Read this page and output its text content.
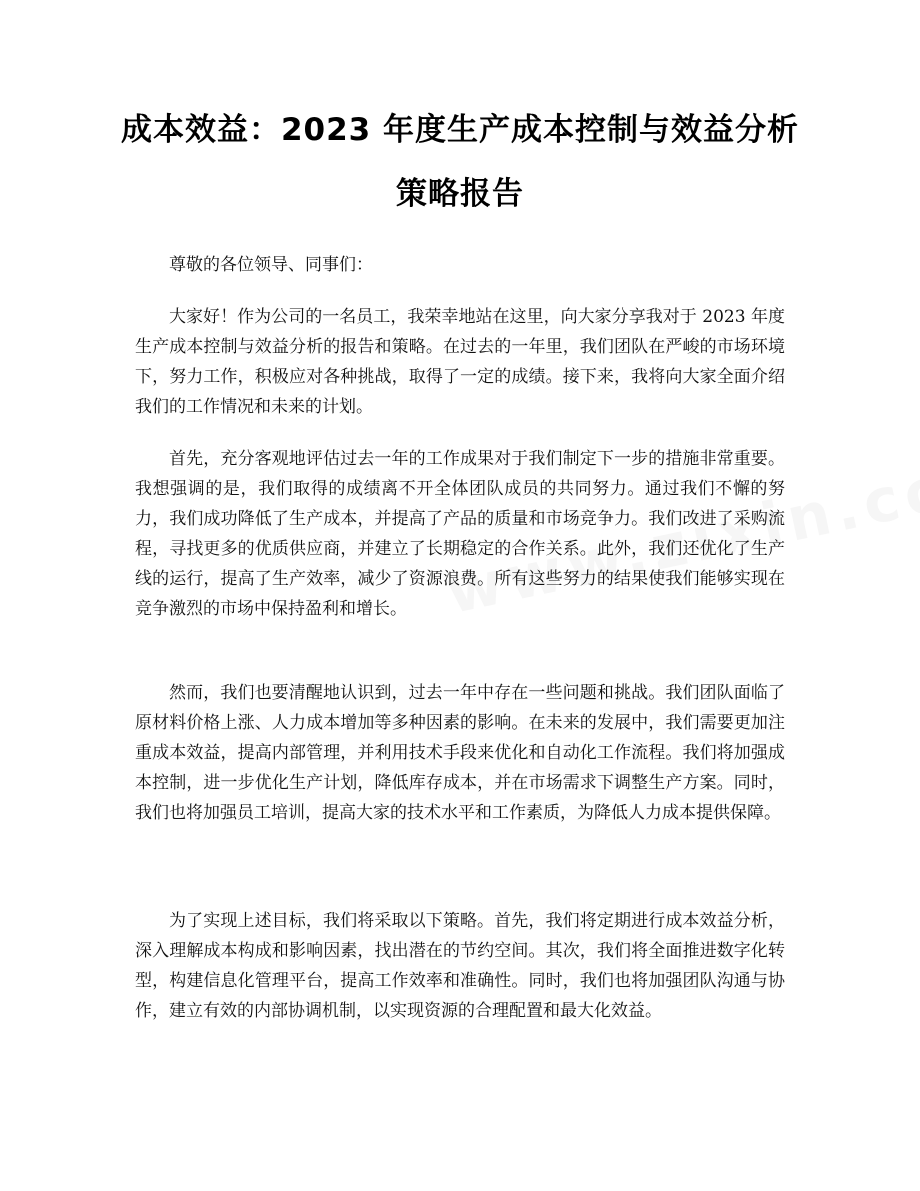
成本效益：2023 年度生产成本控制与效益分析策略报告

尊敬的各位领导、同事们：

大家好！作为公司的一名员工，我荣幸地站在这里，向大家分享我对于 2023 年度生产成本控制与效益分析的报告和策略。在过去的一年里，我们团队在严峻的市场环境下，努力工作，积极应对各种挑战，取得了一定的成绩。接下来，我将向大家全面介绍我们的工作情况和未来的计划。

首先，充分客观地评估过去一年的工作成果对于我们制定下一步的措施非常重要。我想强调的是，我们取得的成绩离不开全体团队成员的共同努力。通过我们不懈的努力，我们成功降低了生产成本，并提高了产品的质量和市场竞争力。我们改进了采购流程，寻找更多的优质供应商，并建立了长期稳定的合作关系。此外，我们还优化了生产线的运行，提高了生产效率，减少了资源浪费。所有这些努力的结果使我们能够实现在竞争激烈的市场中保持盈利和增长。

然而，我们也要清醒地认识到，过去一年中存在一些问题和挑战。我们团队面临了原材料价格上涨、人力成本增加等多种因素的影响。在未来的发展中，我们需要更加注重成本效益，提高内部管理，并利用技术手段来优化和自动化工作流程。我们将加强成本控制，进一步优化生产计划，降低库存成本，并在市场需求下调整生产方案。同时，我们也将加强员工培训，提高大家的技术水平和工作素质，为降低人力成本提供保障。

为了实现上述目标，我们将采取以下策略。首先，我们将定期进行成本效益分析，深入理解成本构成和影响因素，找出潜在的节约空间。其次，我们将全面推进数字化转型，构建信息化管理平台，提高工作效率和准确性。同时，我们也将加强团队沟通与协作，建立有效的内部协调机制，以实现资源的合理配置和最大化效益。
